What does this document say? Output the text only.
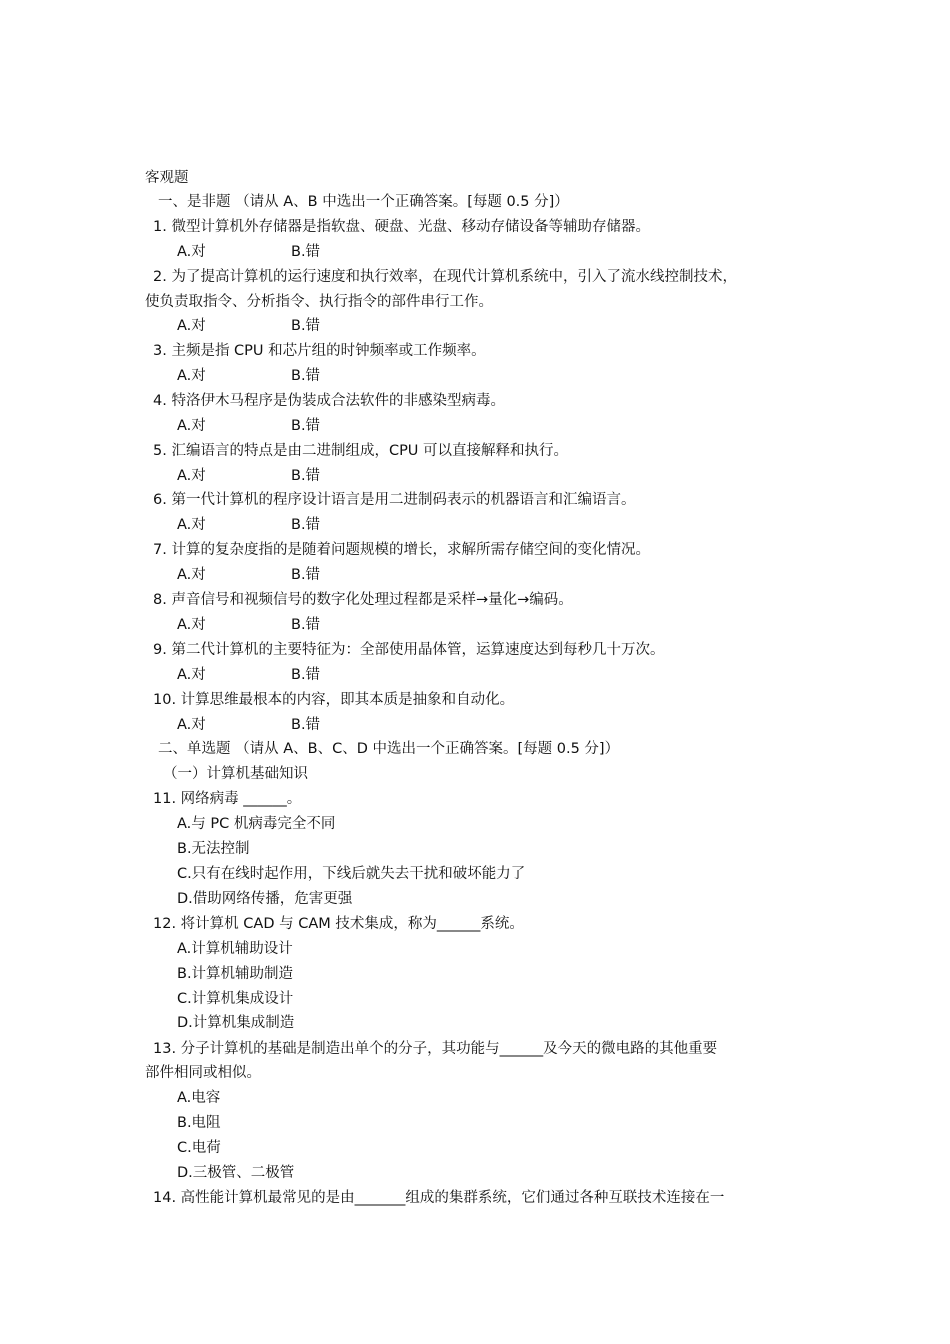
客观题
一、是非题 （请从 A、B 中选出一个正确答案。[每题 0.5 分]）
1. 微型计算机外存储器是指软盘、硬盘、光盘、移动存储设备等辅助存储器。
A.对	B.错
2. 为了提高计算机的运行速度和执行效率，在现代计算机系统中，引入了流水线控制技术，
使负责取指令、分析指令、执行指令的部件串行工作。
A.对	B.错
3. 主频是指 CPU 和芯片组的时钟频率或工作频率。
A.对	B.错
4. 特洛伊木马程序是伪装成合法软件的非感染型病毒。
A.对	B.错
5. 汇编语言的特点是由二进制组成，CPU 可以直接解释和执行。
A.对	B.错
6. 第一代计算机的程序设计语言是用二进制码表示的机器语言和汇编语言。
A.对	B.错
7. 计算的复杂度指的是随着问题规模的增长，求解所需存储空间的变化情况。
A.对	B.错
8. 声音信号和视频信号的数字化处理过程都是采样→量化→编码。
A.对	B.错
9. 第二代计算机的主要特征为：全部使用晶体管，运算速度达到每秒几十万次。
A.对	B.错
10. 计算思维最根本的内容，即其本质是抽象和自动化。
A.对	B.错
二、单选题 （请从 A、B、C、D 中选出一个正确答案。[每题 0.5 分]）
（一）计算机基础知识
11. 网络病毒 ______。
A.与 PC 机病毒完全不同
B.无法控制
C.只有在线时起作用，下线后就失去干扰和破坏能力了
D.借助网络传播，危害更强
12. 将计算机 CAD 与 CAM 技术集成，称为______系统。
A.计算机辅助设计
B.计算机辅助制造
C.计算机集成设计
D.计算机集成制造
13. 分子计算机的基础是制造出单个的分子，其功能与______及今天的微电路的其他重要
部件相同或相似。
A.电容
B.电阻
C.电荷
D.三极管、二极管
14. 高性能计算机最常见的是由_______组成的集群系统，它们通过各种互联技术连接在一
